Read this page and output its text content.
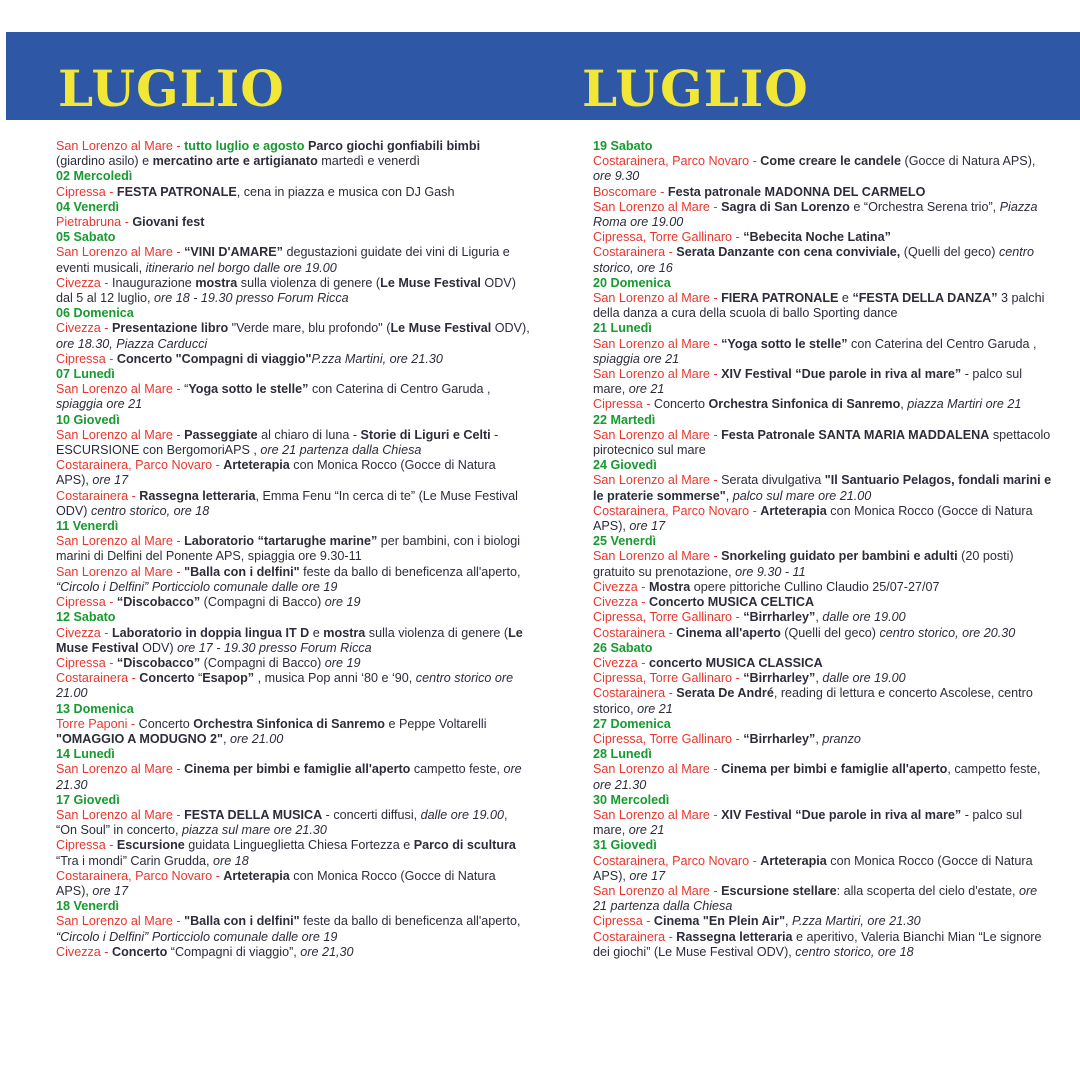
LUGLIO	LUGLIO

San Lorenzo al Mare - tutto luglio e agosto Parco giochi gonfiabili bimbi (giardino asilo) e mercatino arte e artigianato martedì e venerdì

02 Mercoledì

Cipressa - FESTA PATRONALE, cena in piazza e musica con DJ Gash

04 Venerdì

Pietrabruna - Giovani fest

05 Sabato

San Lorenzo al Mare - “VINI D'AMARE” degustazioni guidate dei vini di Liguria e eventi musicali, itinerario nel borgo dalle ore 19.00

Civezza - Inaugurazione mostra sulla violenza di genere (Le Muse Festival ODV) dal 5 al 12 luglio, ore 18 - 19.30 presso Forum Ricca

06 Domenica

Civezza - Presentazione libro "Verde mare, blu profondo" (Le Muse Festival ODV), ore 18.30, Piazza Carducci

Cipressa - Concerto "Compagni di viaggio"P.zza Martini, ore 21.30

07 Lunedì

San Lorenzo al Mare - “Yoga sotto le stelle” con Caterina di Centro Garuda , spiaggia ore 21

10 Giovedì

San Lorenzo al Mare - Passeggiate al chiaro di luna - Storie di Liguri e Celti - ESCURSIONE con BergomoriAPS , ore 21 partenza dalla Chiesa

Costarainera, Parco Novaro - Arteterapia con Monica Rocco (Gocce di Natura APS), ore 17

Costarainera - Rassegna letteraria, Emma Fenu “In cerca di te” (Le Muse Festival ODV) centro storico, ore 18

11 Venerdì

San Lorenzo al Mare - Laboratorio “tartarughe marine” per bambini, con i biologi marini di Delfini del Ponente APS, spiaggia ore 9.30-11

San Lorenzo al Mare - "Balla con i delfini" feste da ballo di beneficenza all'aperto, “Circolo i Delfini” Porticciolo comunale dalle ore 19

Cipressa - “Discobacco” (Compagni di Bacco) ore 19

12 Sabato

Civezza - Laboratorio in doppia lingua IT D e mostra sulla violenza di genere (Le Muse Festival ODV) ore 17 - 19.30 presso Forum Ricca

Cipressa - “Discobacco” (Compagni di Bacco) ore 19

Costarainera - Concerto “Esapop” , musica Pop anni ‘80 e ‘90, centro storico ore 21.00

13 Domenica

Torre Paponi - Concerto Orchestra Sinfonica di Sanremo e Peppe Voltarelli "OMAGGIO A MODUGNO 2", ore 21.00

14 Lunedì

San Lorenzo al Mare - Cinema per bimbi e famiglie all'aperto campetto feste, ore 21.30

17 Giovedì

San Lorenzo al Mare - FESTA DELLA MUSICA - concerti diffusi, dalle ore 19.00, “On Soul” in concerto, piazza sul mare ore 21.30

Cipressa - Escursione guidata Lingueglietta Chiesa Fortezza e Parco di scultura “Tra i mondi” Carin Grudda, ore 18

Costarainera, Parco Novaro - Arteterapia con Monica Rocco (Gocce di Natura APS), ore 17

18 Venerdì

San Lorenzo al Mare - "Balla con i delfini" feste da ballo di beneficenza all'aperto, “Circolo i Delfini” Porticciolo comunale dalle ore 19

Civezza - Concerto “Compagni di viaggio”, ore 21,30

19 Sabato

Costarainera, Parco Novaro - Come creare le candele (Gocce di Natura APS), ore 9.30

Boscomare - Festa patronale MADONNA DEL CARMELO

San Lorenzo al Mare - Sagra di San Lorenzo e “Orchestra Serena trio”, Piazza Roma ore 19.00

Cipressa, Torre Gallinaro - “Bebecita Noche Latina”

Costarainera - Serata Danzante con cena conviviale, (Quelli del geco) centro storico, ore 16

20 Domenica

San Lorenzo al Mare - FIERA PATRONALE e “FESTA DELLA DANZA” 3 palchi della danza a cura della scuola di ballo Sporting dance

21 Lunedì

San Lorenzo al Mare - “Yoga sotto le stelle” con Caterina del Centro Garuda , spiaggia ore 21

San Lorenzo al Mare - XIV Festival “Due parole in riva al mare” - palco sul mare, ore 21

Cipressa - Concerto Orchestra Sinfonica di Sanremo, piazza Martiri ore 21

22 Martedì

San Lorenzo al Mare - Festa Patronale SANTA MARIA MADDALENA spettacolo pirotecnico sul mare

24 Giovedì

San Lorenzo al Mare - Serata divulgativa "Il Santuario Pelagos, fondali marini e le praterie sommerse", palco sul mare ore 21.00

Costarainera, Parco Novaro - Arteterapia con Monica Rocco (Gocce di Natura APS), ore 17

25 Venerdì

San Lorenzo al Mare - Snorkeling guidato per bambini e adulti (20 posti) gratuito su prenotazione, ore 9.30 - 11

Civezza - Mostra opere pittoriche Cullino Claudio 25/07-27/07

Civezza - Concerto MUSICA CELTICA

Cipressa, Torre Gallinaro - “Birrharley”, dalle ore 19.00

Costarainera - Cinema all'aperto (Quelli del geco) centro storico, ore 20.30

26 Sabato

Civezza - concerto MUSICA CLASSICA

Cipressa, Torre Gallinaro - “Birrharley”, dalle ore 19.00

Costarainera - Serata De André, reading di lettura e concerto Ascolese, centro storico, ore 21

27 Domenica

Cipressa, Torre Gallinaro - “Birrharley”, pranzo

28 Lunedì

San Lorenzo al Mare - Cinema per bimbi e famiglie all'aperto, campetto feste, ore 21.30

30 Mercoledì

San Lorenzo al Mare - XIV Festival “Due parole in riva al mare” - palco sul mare, ore 21

31 Giovedì

Costarainera, Parco Novaro - Arteterapia con Monica Rocco (Gocce di Natura APS), ore 17

San Lorenzo al Mare - Escursione stellare: alla scoperta del cielo d'estate, ore 21 partenza dalla Chiesa

Cipressa - Cinema "En Plein Air", P.zza Martiri, ore 21.30

Costarainera - Rassegna letteraria e aperitivo, Valeria Bianchi Mian “Le signore dei giochi” (Le Muse Festival ODV), centro storico, ore 18
